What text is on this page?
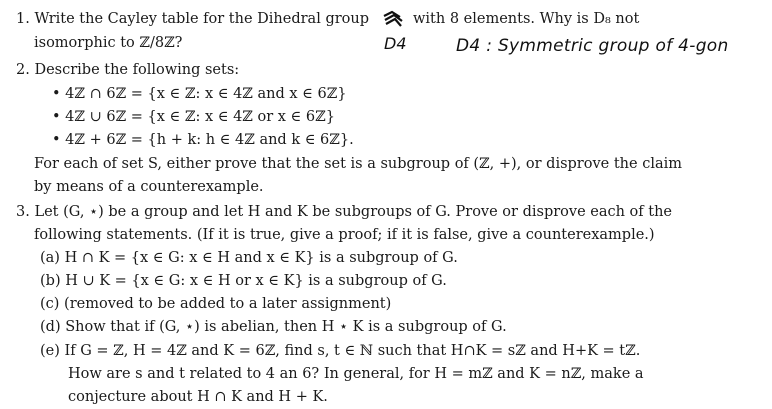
1. Write the Cayley table for the Dihedral group	with 8 elements. Why is D₈ not
isomorphic to ℤ/8ℤ?	D4	D4 : Symmetric group of 4-gon
2. Describe the following sets:
• 4ℤ ∩ 6ℤ = {x ∈ ℤ: x ∈ 4ℤ and x ∈ 6ℤ}
• 4ℤ ∪ 6ℤ = {x ∈ ℤ: x ∈ 4ℤ or x ∈ 6ℤ}
• 4ℤ + 6ℤ = {h + k: h ∈ 4ℤ and k ∈ 6ℤ}.
For each of set S, either prove that the set is a subgroup of (ℤ, +), or disprove the claim
by means of a counterexample.
3. Let (G, ⋆) be a group and let H and K be subgroups of G. Prove or disprove each of the
following statements. (If it is true, give a proof; if it is false, give a counterexample.)
(a) H ∩ K = {x ∈ G: x ∈ H and x ∈ K} is a subgroup of G.
(b) H ∪ K = {x ∈ G: x ∈ H or x ∈ K} is a subgroup of G.
(c) (removed to be added to a later assignment)
(d) Show that if (G, ⋆) is abelian, then H ⋆ K is a subgroup of G.
(e) If G = ℤ, H = 4ℤ and K = 6ℤ, find s, t ∈ ℕ such that H∩K = sℤ and H+K = tℤ.
How are s and t related to 4 an 6? In general, for H = mℤ and K = nℤ, make a
conjecture about H ∩ K and H + K.
